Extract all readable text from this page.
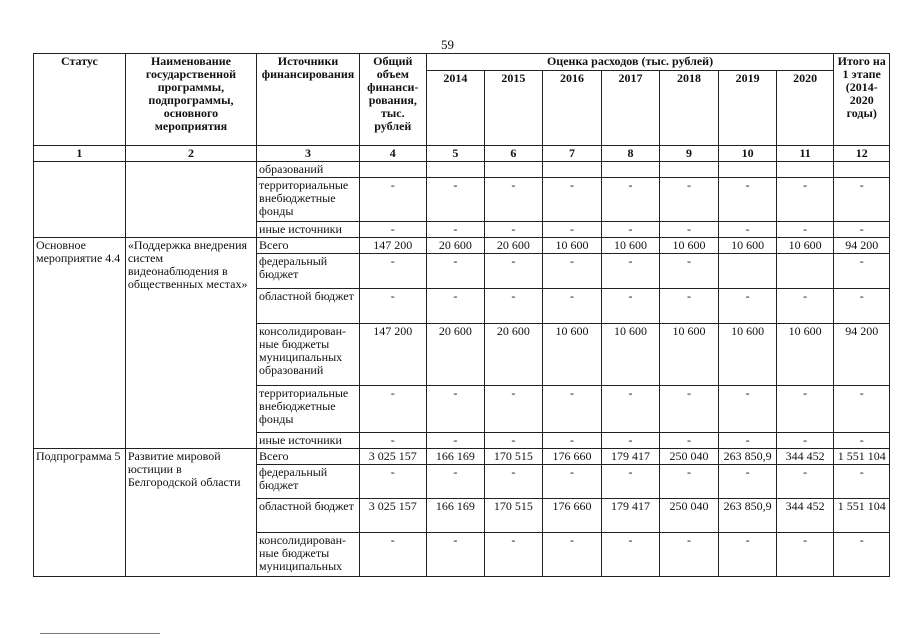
59
Статус	Наименование государственной программы, подпрограммы, основного мероприятия	Источники финансирования	Общий объем финанси-рования, тыс. рублей	Оценка расходов (тыс. рублей)							Итого на 1 этапе (2014-2020 годы)
				2014	2015	2016	2017	2018	2019	2020	
1	2	3	4	5	6	7	8	9	10	11	12
		образований									
		территориальные внебюджетные фонды	-	-	-	-	-	-	-	-	-
		иные источники	-	-	-	-	-	-	-	-	-
Основное мероприятие 4.4	«Поддержка внедрения систем видеонаблюдения в общественных местах»	Всего	147 200	20 600	20 600	10 600	10 600	10 600	10 600	10 600	94 200
		федеральный бюджет	-	-	-	-	-	-			-
		областной бюджет	-	-	-	-	-	-	-	-	-
		консолидирован-ные бюджеты муниципальных образований	147 200	20 600	20 600	10 600	10 600	10 600	10 600	10 600	94 200
		территориальные внебюджетные фонды	-	-	-	-	-	-	-	-	-
		иные источники	-	-	-	-	-	-	-	-	-
Подпрограмма 5	Развитие мировой юстиции в Белгородской области	Всего	3 025 157	166 169	170 515	176 660	179 417	250 040	263 850,9	344 452	1 551 104
		федеральный бюджет	-	-	-	-	-	-	-	-	-
		областной бюджет	3 025 157	166 169	170 515	176 660	179 417	250 040	263 850,9	344 452	1 551 104
		консолидирован-ные бюджеты муниципальных	-	-	-	-	-	-	-	-	-
